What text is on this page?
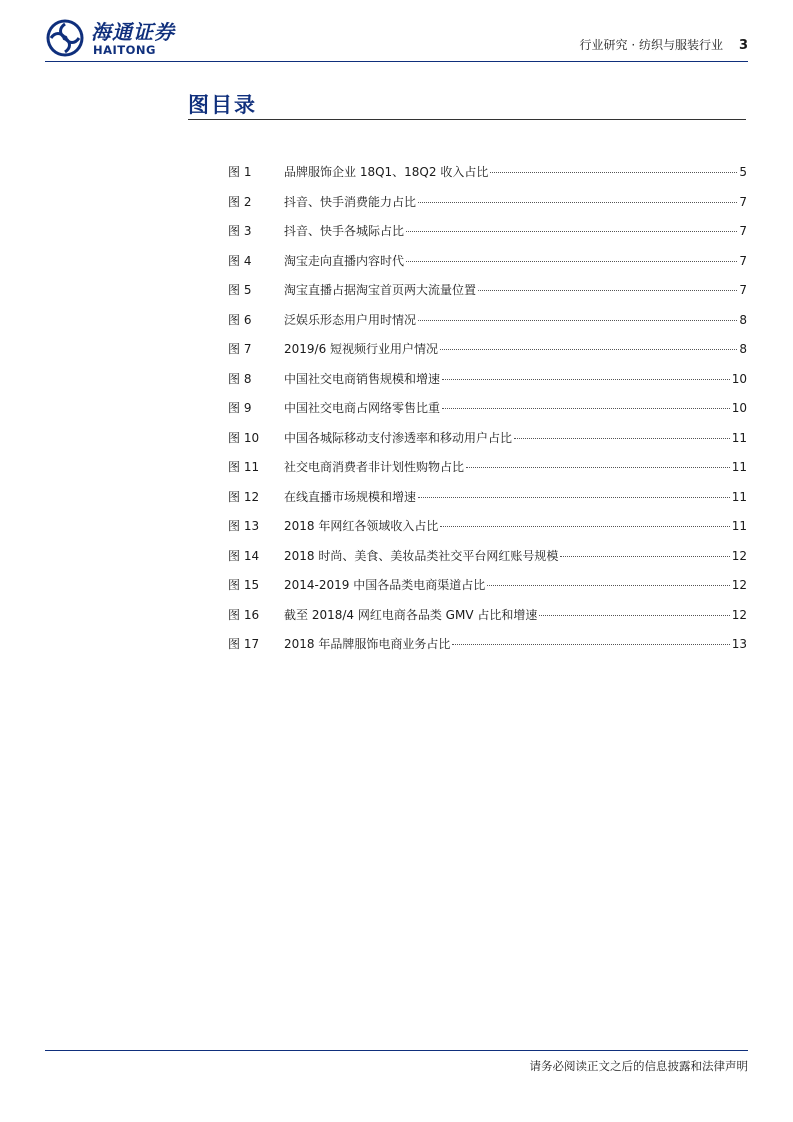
海通证券
HAITONG	行业研究 · 纺织与服装行业 3
图目录
图 1	品牌服饰企业 18Q1、18Q2 收入占比	5
图 2	抖音、快手消费能力占比	7
图 3	抖音、快手各城际占比	7
图 4	淘宝走向直播内容时代	7
图 5	淘宝直播占据淘宝首页两大流量位置	7
图 6	泛娱乐形态用户用时情况	8
图 7	2019/6 短视频行业用户情况	8
图 8	中国社交电商销售规模和增速	10
图 9	中国社交电商占网络零售比重	10
图 10	中国各城际移动支付渗透率和移动用户占比	11
图 11	社交电商消费者非计划性购物占比	11
图 12	在线直播市场规模和增速	11
图 13	2018 年网红各领域收入占比	11
图 14	2018 时尚、美食、美妆品类社交平台网红账号规模	12
图 15	2014-2019 中国各品类电商渠道占比	12
图 16	截至 2018/4 网红电商各品类 GMV 占比和增速	12
图 17	2018 年品牌服饰电商业务占比	13
请务必阅读正文之后的信息披露和法律声明
